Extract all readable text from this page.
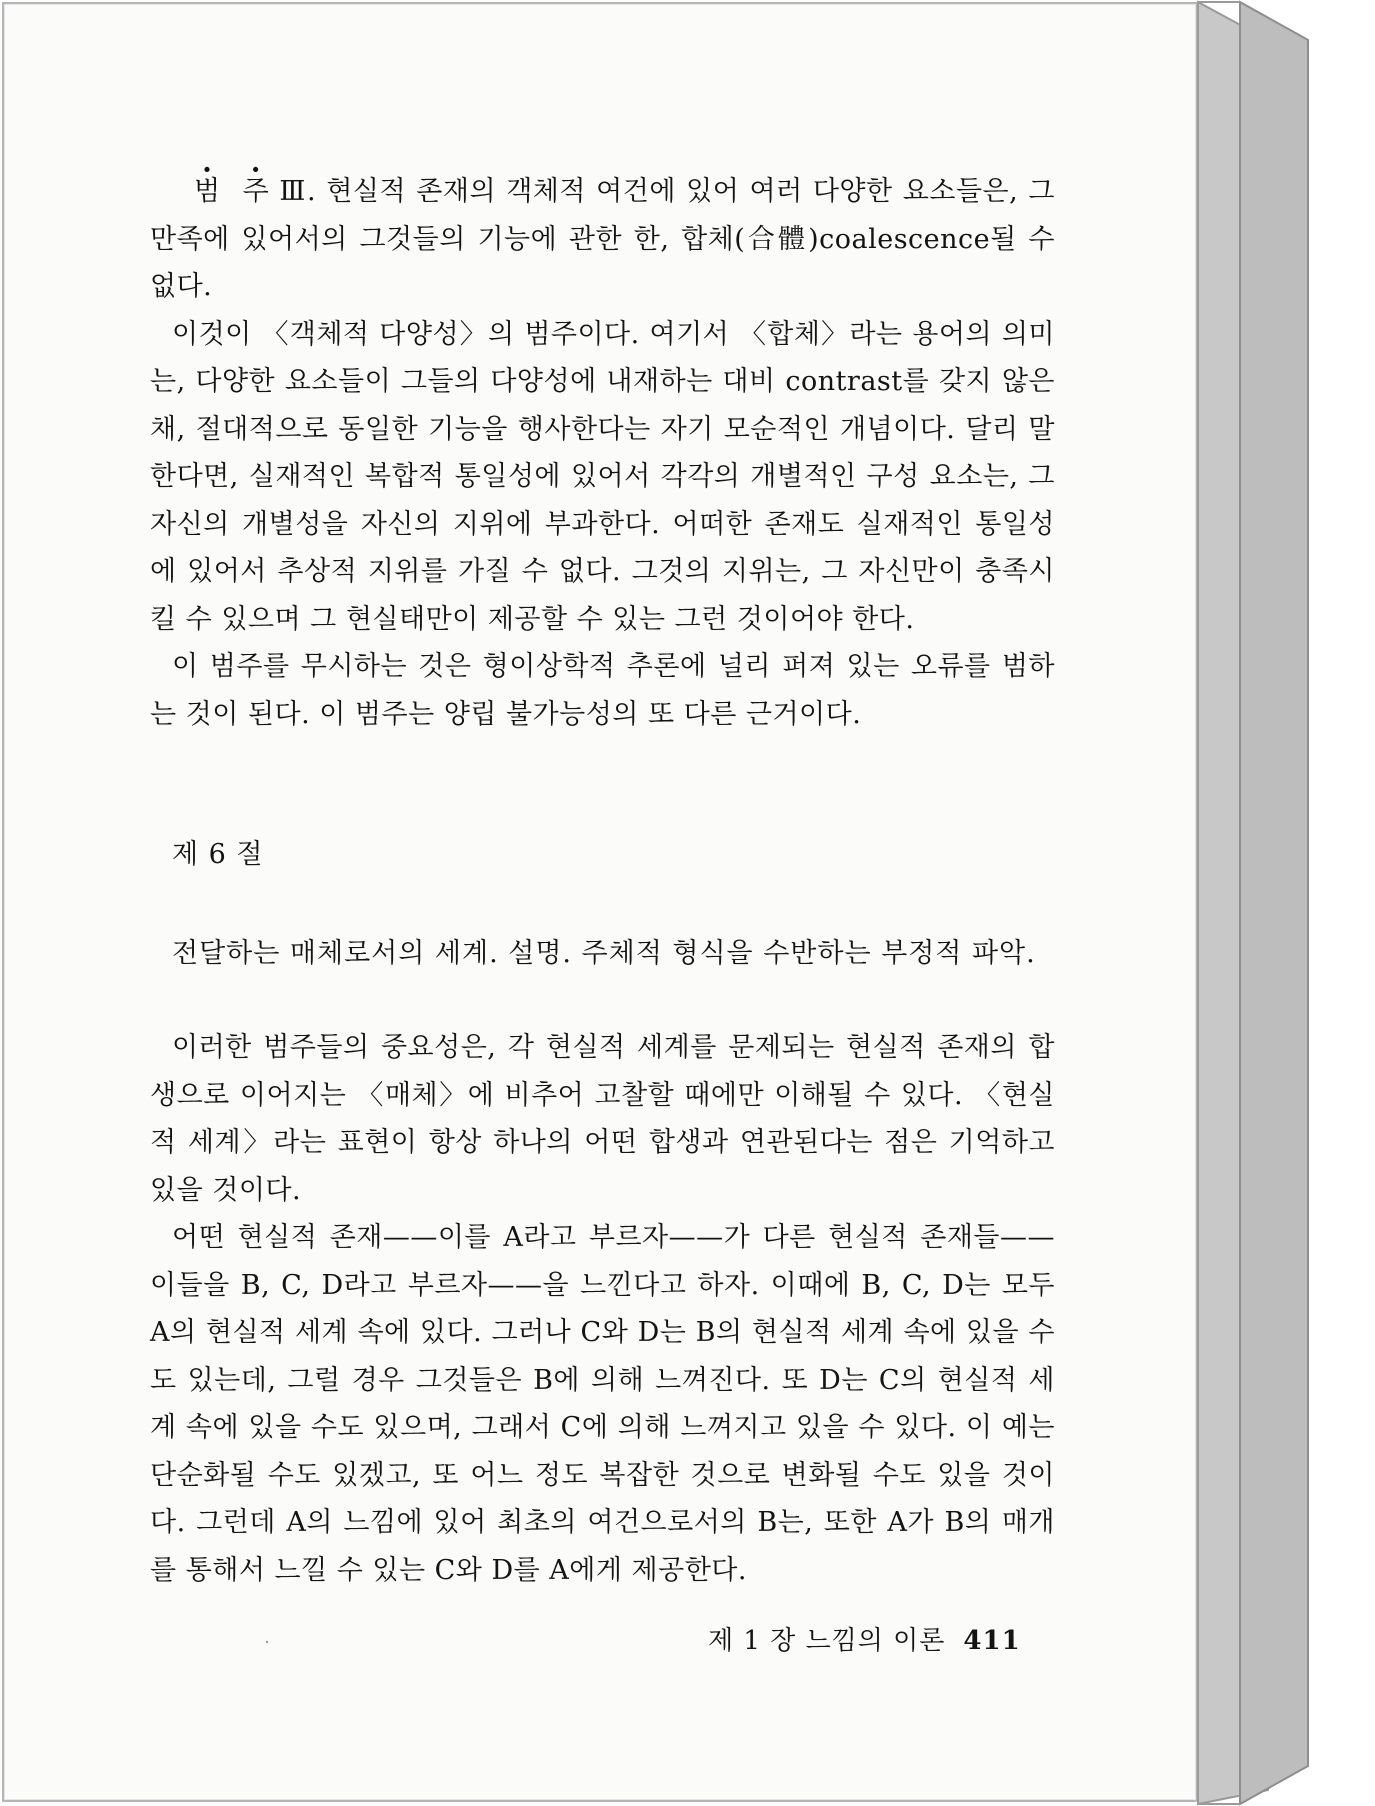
범 주 Ⅲ. 현실적 존재의 객체적 여건에 있어 여러 다양한 요소들은, 그 만족에 있어서의 그것들의 기능에 관한 한, 합체(合體)coalescence될 수 없다.

이것이 〈객체적 다양성〉의 범주이다. 여기서 〈합체〉라는 용어의 의미는, 다양한 요소들이 그들의 다양성에 내재하는 대비 contrast를 갖지 않은 채, 절대적으로 동일한 기능을 행사한다는 자기 모순적인 개념이다. 달리 말한다면, 실재적인 복합적 통일성에 있어서 각각의 개별적인 구성 요소는, 그 자신의 개별성을 자신의 지위에 부과한다. 어떠한 존재도 실재적인 통일성에 있어서 추상적 지위를 가질 수 없다. 그것의 지위는, 그 자신만이 충족시킬 수 있으며 그 현실태만이 제공할 수 있는 그런 것이어야 한다.

이 범주를 무시하는 것은 형이상학적 추론에 널리 퍼져 있는 오류를 범하는 것이 된다. 이 범주는 양립 불가능성의 또 다른 근거이다.

제 6 절

전달하는 매체로서의 세계. 설명. 주체적 형식을 수반하는 부정적 파악.

이러한 범주들의 중요성은, 각 현실적 세계를 문제되는 현실적 존재의 합생으로 이어지는 〈매체〉에 비추어 고찰할 때에만 이해될 수 있다. 〈현실적 세계〉라는 표현이 항상 하나의 어떤 합생과 연관된다는 점은 기억하고 있을 것이다.

어떤 현실적 존재——이를 A라고 부르자——가 다른 현실적 존재들——이들을 B, C, D라고 부르자——을 느낀다고 하자. 이때에 B, C, D는 모두 A의 현실적 세계 속에 있다. 그러나 C와 D는 B의 현실적 세계 속에 있을 수도 있는데, 그럴 경우 그것들은 B에 의해 느껴진다. 또 D는 C의 현실적 세계 속에 있을 수도 있으며, 그래서 C에 의해 느껴지고 있을 수 있다. 이 예는 단순화될 수도 있겠고, 또 어느 정도 복잡한 것으로 변화될 수도 있을 것이다. 그런데 A의 느낌에 있어 최초의 여건으로서의 B는, 또한 A가 B의 매개를 통해서 느낄 수 있는 C와 D를 A에게 제공한다.

제 1 장 느낌의 이론 411
